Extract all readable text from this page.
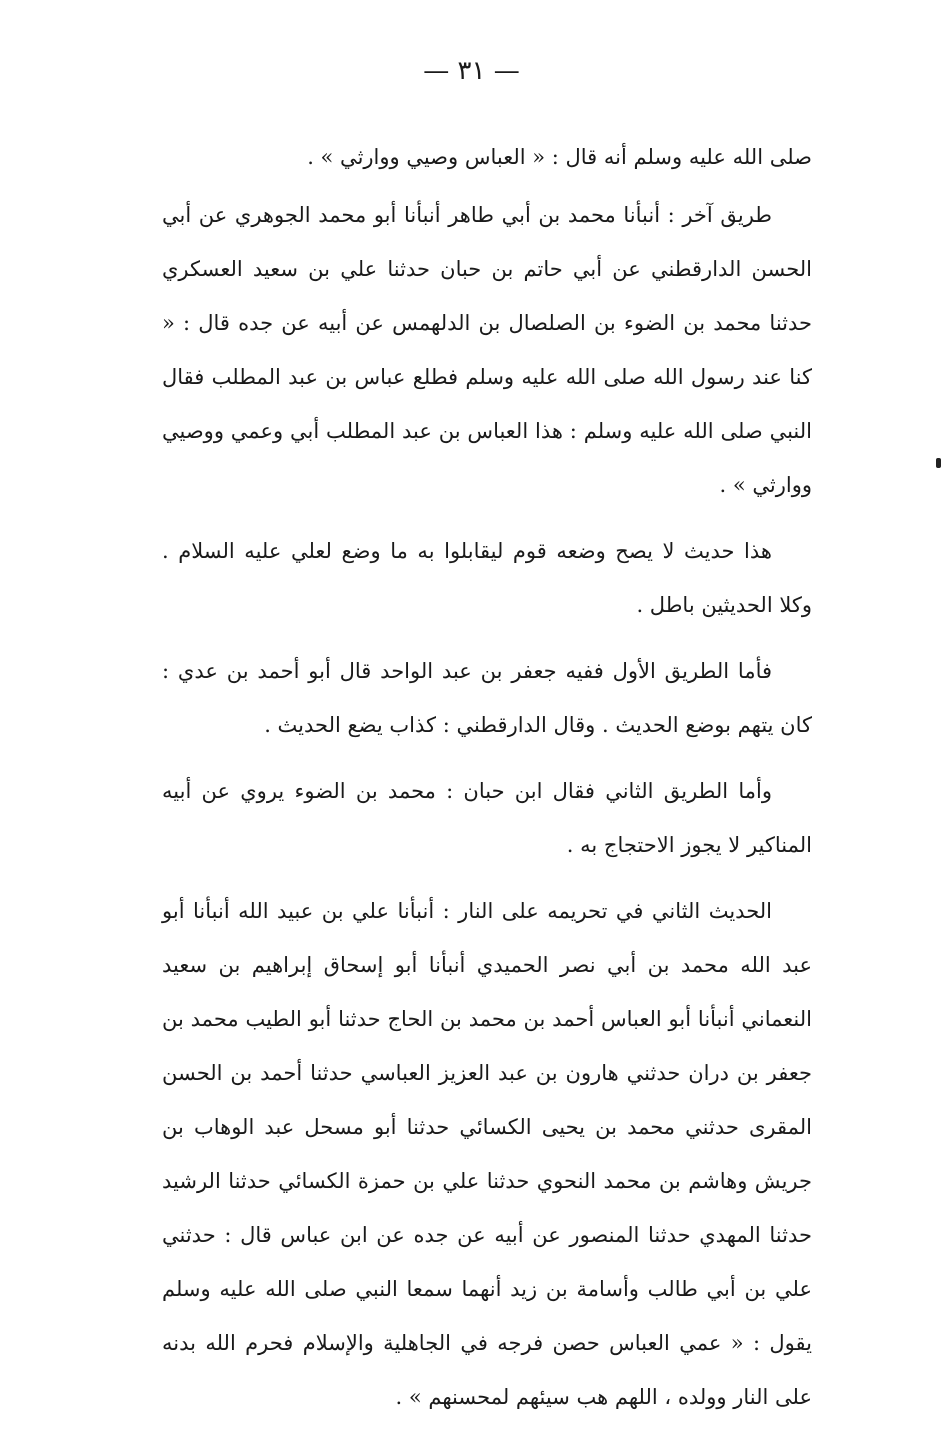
— ٣١ —

صلى الله عليه وسلم أنه قال : « العباس وصيي ووارثي » .

طريق آخر : أنبأنا محمد بن أبي طاهر أنبأنا أبو محمد الجوهري عن أبي الحسن الدارقطني عن أبي حاتم بن حبان حدثنا علي بن سعيد العسكري حدثنا محمد بن الضوء بن الصلصال بن الدلهمس عن أبيه عن جده قال : « كنا عند رسول الله صلى الله عليه وسلم فطلع عباس بن عبد المطلب فقال النبي صلى الله عليه وسلم : هذا العباس بن عبد المطلب أبي وعمي ووصيي ووارثي » .

هذا حديث لا يصح وضعه قوم ليقابلوا به ما وضع لعلي عليه السلام . وكلا الحديثين باطل .

فأما الطريق الأول ففيه جعفر بن عبد الواحد قال أبو أحمد بن عدي : كان يتهم بوضع الحديث . وقال الدارقطني : كذاب يضع الحديث .

وأما الطريق الثاني فقال ابن حبان : محمد بن الضوء يروي عن أبيه المناكير لا يجوز الاحتجاج به .

الحديث الثاني في تحريمه على النار : أنبأنا علي بن عبيد الله أنبأنا أبو عبد الله محمد بن أبي نصر الحميدي أنبأنا أبو إسحاق إبراهيم بن سعيد النعماني أنبأنا أبو العباس أحمد بن محمد بن الحاج حدثنا أبو الطيب محمد بن جعفر بن دران حدثني هارون بن عبد العزيز العباسي حدثنا أحمد بن الحسن المقرى حدثني محمد بن يحيى الكسائي حدثنا أبو مسحل عبد الوهاب بن جريش وهاشم بن محمد النحوي حدثنا علي بن حمزة الكسائي حدثنا الرشيد حدثنا المهدي حدثنا المنصور عن أبيه عن جده عن ابن عباس قال : حدثني علي بن أبي طالب وأسامة بن زيد أنهما سمعا النبي صلى الله عليه وسلم يقول : « عمي العباس حصن فرجه في الجاهلية والإسلام فحرم الله بدنه على النار وولده ، اللهم هب سيئهم لمحسنهم » .
